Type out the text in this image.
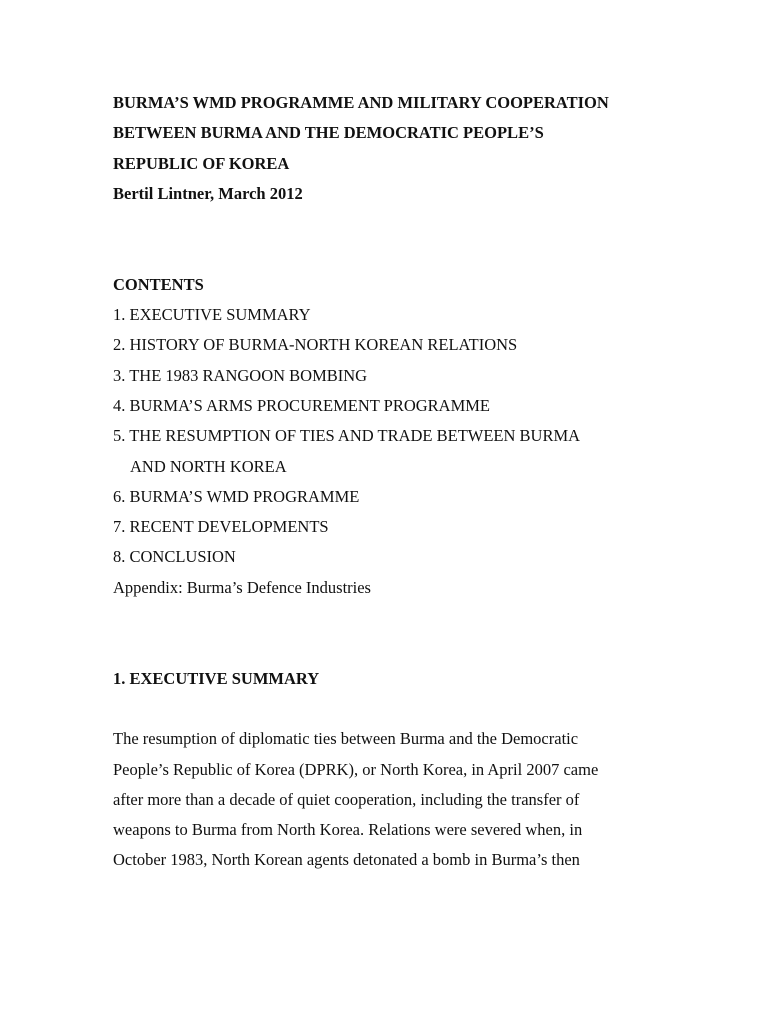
BURMA’S WMD PROGRAMME AND MILITARY COOPERATION
BETWEEN BURMA AND THE DEMOCRATIC PEOPLE’S
REPUBLIC OF KOREA
Bertil Lintner, March 2012
CONTENTS
1. EXECUTIVE SUMMARY
2. HISTORY OF BURMA-NORTH KOREAN RELATIONS
3. THE 1983 RANGOON BOMBING
4. BURMA’S ARMS PROCUREMENT PROGRAMME
5. THE RESUMPTION OF TIES AND TRADE BETWEEN BURMA
AND NORTH KOREA
6. BURMA’S WMD PROGRAMME
7. RECENT DEVELOPMENTS
8. CONCLUSION
Appendix: Burma’s Defence Industries
1. EXECUTIVE SUMMARY
The resumption of diplomatic ties between Burma and the Democratic
People’s Republic of Korea (DPRK), or North Korea, in April 2007 came
after more than a decade of quiet cooperation, including the transfer of
weapons to Burma from North Korea. Relations were severed when, in
October 1983, North Korean agents detonated a bomb in Burma’s then
